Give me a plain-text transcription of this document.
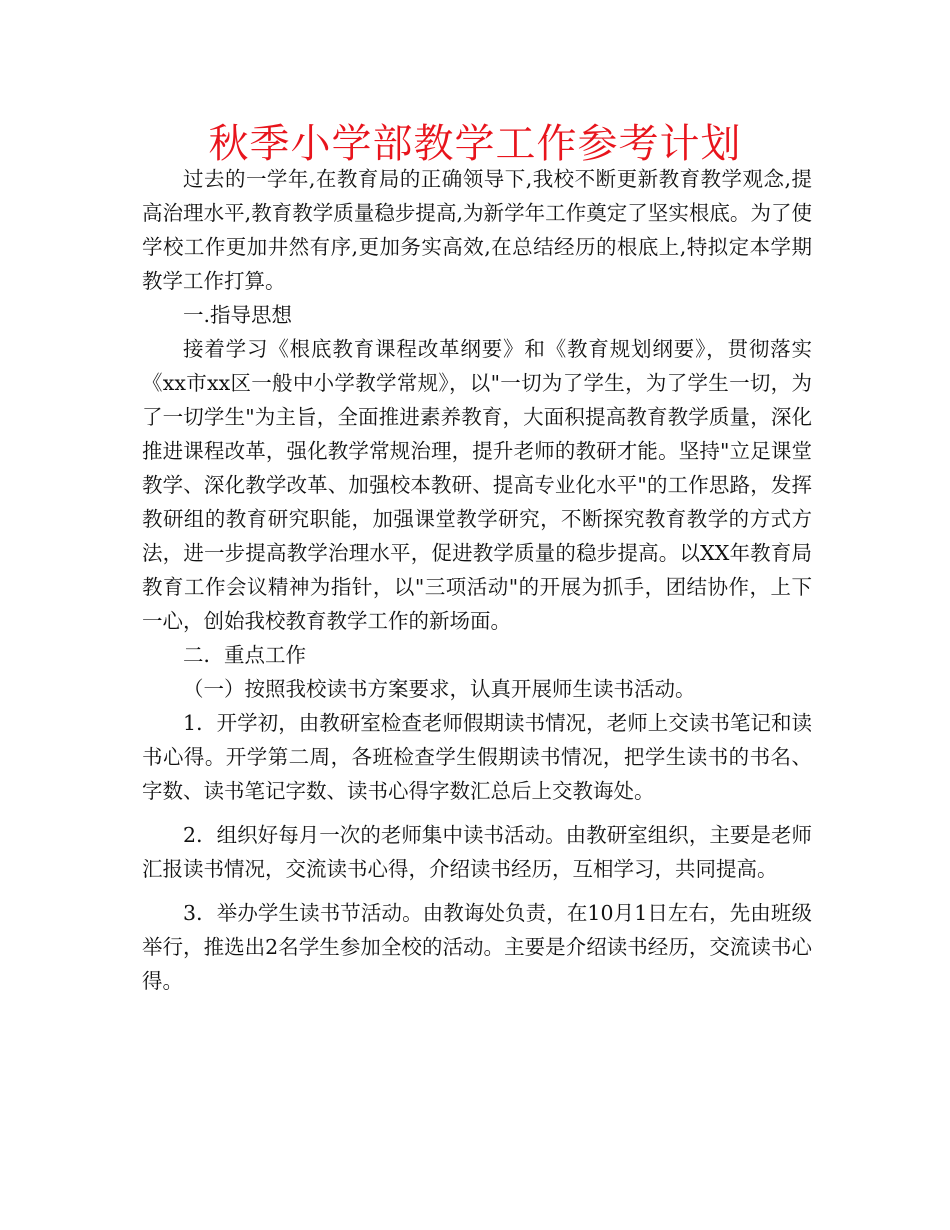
秋季小学部教学工作参考计划

过去的一学年,在教育局的正确领导下,我校不断更新教育教学观念,提高治理水平,教育教学质量稳步提高,为新学年工作奠定了坚实根底。为了使学校工作更加井然有序,更加务实高效,在总结经历的根底上,特拟定本学期教学工作打算。

一.指导思想

接着学习《根底教育课程改革纲要》和《教育规划纲要》，贯彻落实《xx市xx区一般中小学教学常规》，以"一切为了学生，为了学生一切，为了一切学生"为主旨，全面推进素养教育，大面积提高教育教学质量，深化推进课程改革，强化教学常规治理，提升老师的教研才能。坚持"立足课堂教学、深化教学改革、加强校本教研、提高专业化水平"的工作思路，发挥教研组的教育研究职能，加强课堂教学研究，不断探究教育教学的方式方法，进一步提高教学治理水平，促进教学质量的稳步提高。以XX年教育局教育工作会议精神为指针，以"三项活动"的开展为抓手，团结协作，上下一心，创始我校教育教学工作的新场面。

二．重点工作

（一）按照我校读书方案要求，认真开展师生读书活动。

1．开学初，由教研室检查老师假期读书情况，老师上交读书笔记和读书心得。开学第二周，各班检查学生假期读书情况，把学生读书的书名、字数、读书笔记字数、读书心得字数汇总后上交教诲处。

2．组织好每月一次的老师集中读书活动。由教研室组织，主要是老师汇报读书情况，交流读书心得，介绍读书经历，互相学习，共同提高。

3．举办学生读书节活动。由教诲处负责，在10月1日左右，先由班级举行，推选出2名学生参加全校的活动。主要是介绍读书经历，交流读书心得。
